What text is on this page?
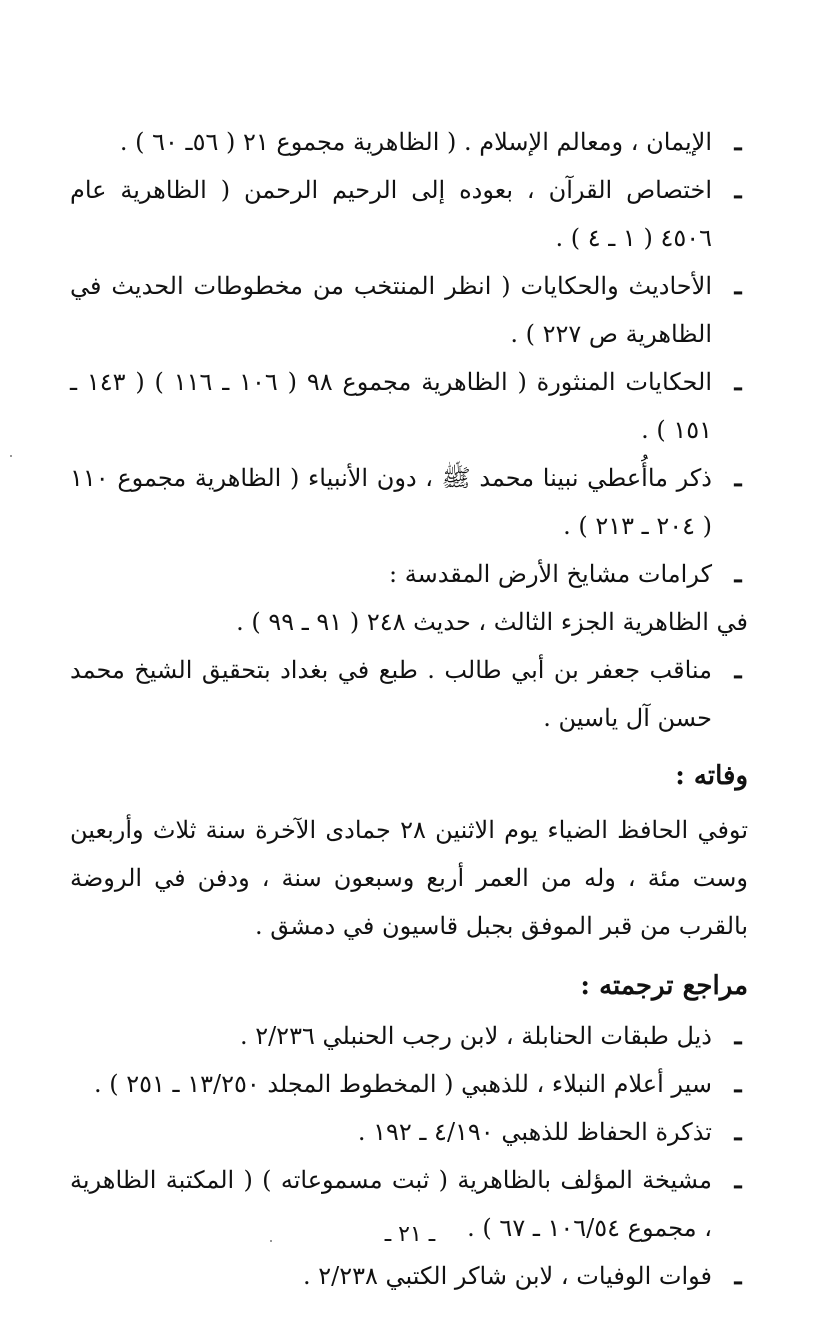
ـ
الإيمان ، ومعالم الإسلام . ( الظاهرية مجموع ٢١ ( ٥٦ـ ٦٠ ) .
ـ
اختصاص القرآن ، بعوده إلى الرحيم الرحمن ( الظاهرية عام ٤٥٠٦ ( ١ ـ ٤ ) .
ـ
الأحاديث والحكايات ( انظر المنتخب من مخطوطات الحديث في الظاهرية ص ٢٢٧ ) .
ـ
الحكايات المنثورة ( الظاهرية مجموع ٩٨ ( ١٠٦ ـ ١١٦ ) ( ١٤٣ ـ ١٥١ ) .
ـ
ذكر ماأُعطي نبينا محمد ﷺ ، دون الأنبياء ( الظاهرية مجموع ١١٠ ( ٢٠٤ ـ ٢١٣ ) .
ـ
كرامات مشايخ الأرض المقدسة :
في الظاهرية الجزء الثالث ، حديث ٢٤٨ ( ٩١ ـ ٩٩ ) .
ـ
مناقب جعفر بن أبي طالب . طبع في بغداد بتحقيق الشيخ محمد حسن آل ياسين .
وفاته :
توفي الحافظ الضياء يوم الاثنين ٢٨ جمادى الآخرة سنة ثلاث وأربعين وست مئة ، وله من العمر أربع وسبعون سنة ، ودفن في الروضة بالقرب من قبر الموفق بجبل قاسيون في دمشق .
مراجع ترجمته :
ـ
ذيل طبقات الحنابلة ، لابن رجب الحنبلي ٢/٢٣٦ .
ـ
سير أعلام النبلاء ، للذهبي ( المخطوط المجلد ١٣/٢٥٠ ـ ٢٥١ ) .
ـ
تذكرة الحفاظ للذهبي ٤/١٩٠ ـ ١٩٢ .
ـ
مشيخة المؤلف بالظاهرية ( ثبت مسموعاته ) ( المكتبة الظاهرية ، مجموع ١٠٦/٥٤ ـ ٦٧ ) .
ـ
فوات الوفيات ، لابن شاكر الكتبي ٢/٢٣٨ .
ـ ٢١ ـ
